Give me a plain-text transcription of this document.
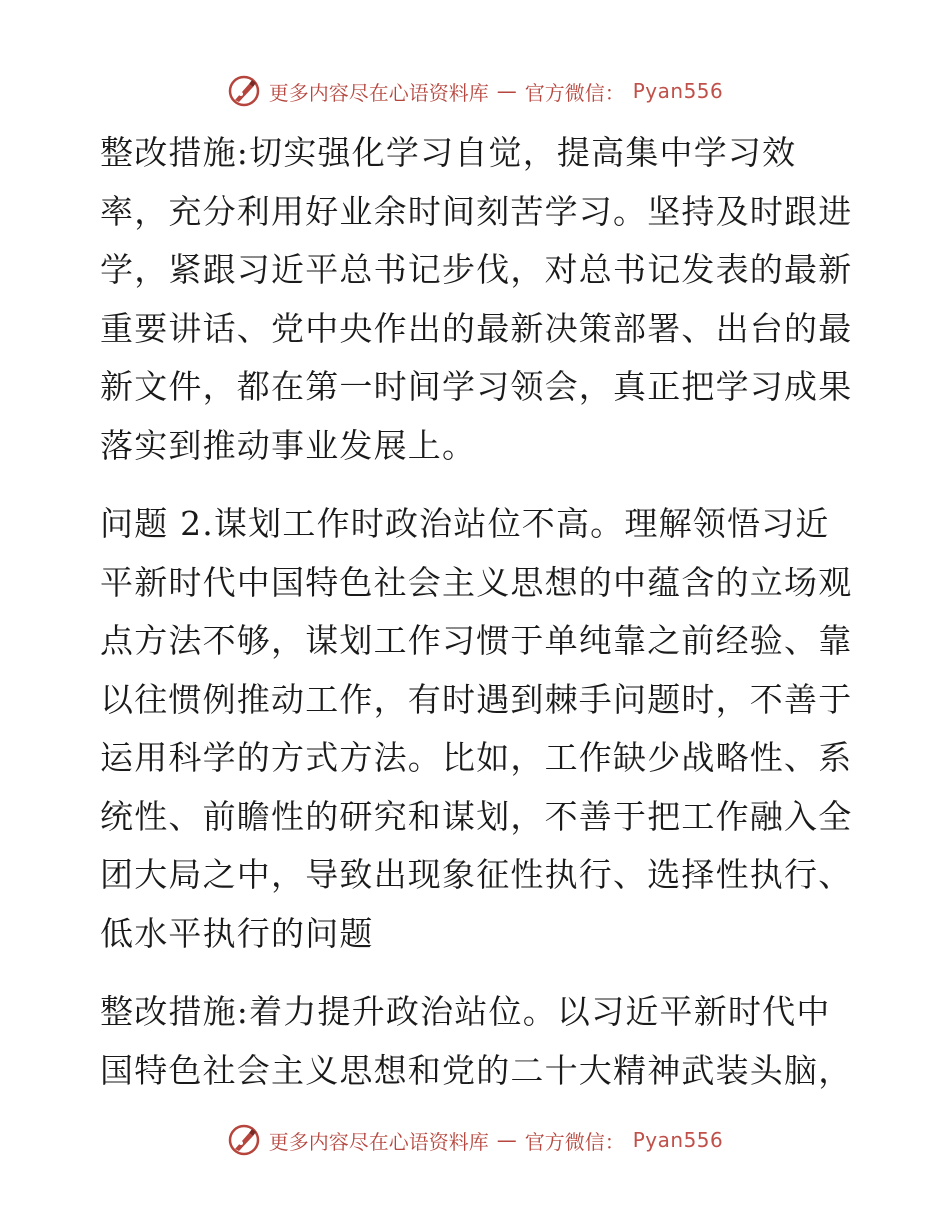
更多内容尽在心语资料库 — 官方微信： Pyan556

整改措施:切实强化学习自觉，提高集中学习效
率，充分利用好业余时间刻苦学习。坚持及时跟进
学，紧跟习近平总书记步伐，对总书记发表的最新
重要讲话、党中央作出的最新决策部署、出台的最
新文件，都在第一时间学习领会，真正把学习成果
落实到推动事业发展上。

问题 2.谋划工作时政治站位不高。理解领悟习近
平新时代中国特色社会主义思想的中蕴含的立场观
点方法不够，谋划工作习惯于单纯靠之前经验、靠
以往惯例推动工作，有时遇到棘手问题时，不善于
运用科学的方式方法。比如，工作缺少战略性、系
统性、前瞻性的研究和谋划，不善于把工作融入全
团大局之中，导致出现象征性执行、选择性执行、
低水平执行的问题

整改措施:着力提升政治站位。以习近平新时代中
国特色社会主义思想和党的二十大精神武装头脑，

更多内容尽在心语资料库 — 官方微信： Pyan556
